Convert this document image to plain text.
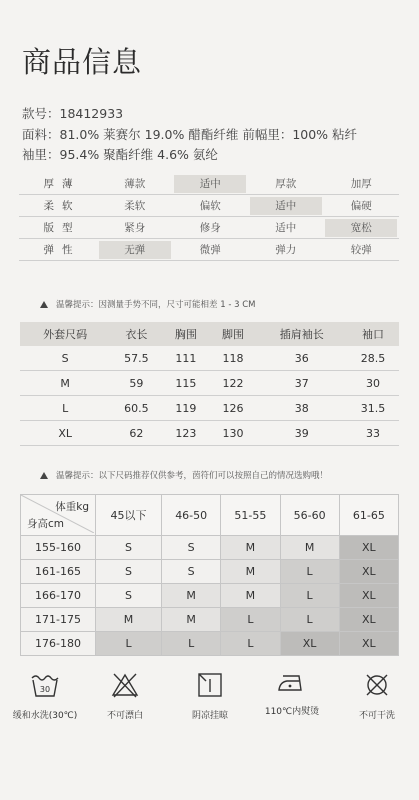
商品信息
款号：18412933
面料：81.0% 莱赛尔 19.0% 醋酯纤维 前幅里：100% 粘纤
袖里：95.4% 聚酯纤维 4.6% 氨纶
厚薄	薄款	适中	厚款	加厚
柔软	柔软	偏软	适中	偏硬
版型	紧身	修身	适中	宽松
弹性	无弹	微弹	弹力	较弹
温馨提示：因测量手势不同，尺寸可能相差 1 - 3 CM
外套尺码	衣长	胸围	脚围	插肩袖长	袖口
S	57.5	111	118	36	28.5
M	59	115	122	37	30
L	60.5	119	126	38	31.5
XL	62	123	130	39	33
温馨提示：以下尺码推荐仅供参考，茵符们可以按照自己的情况选购哦！
体重kg
身高cm	45以下	46-50	51-55	56-60	61-65
155-160	S	S	M	M	XL
161-165	S	S	M	L	XL
166-170	S	M	M	L	XL
171-175	M	M	L	L	XL
176-180	L	L	L	XL	XL
30
缓和水洗(30℃)	不可漂白	阴凉挂晾	110℃内熨烫	不可干洗
